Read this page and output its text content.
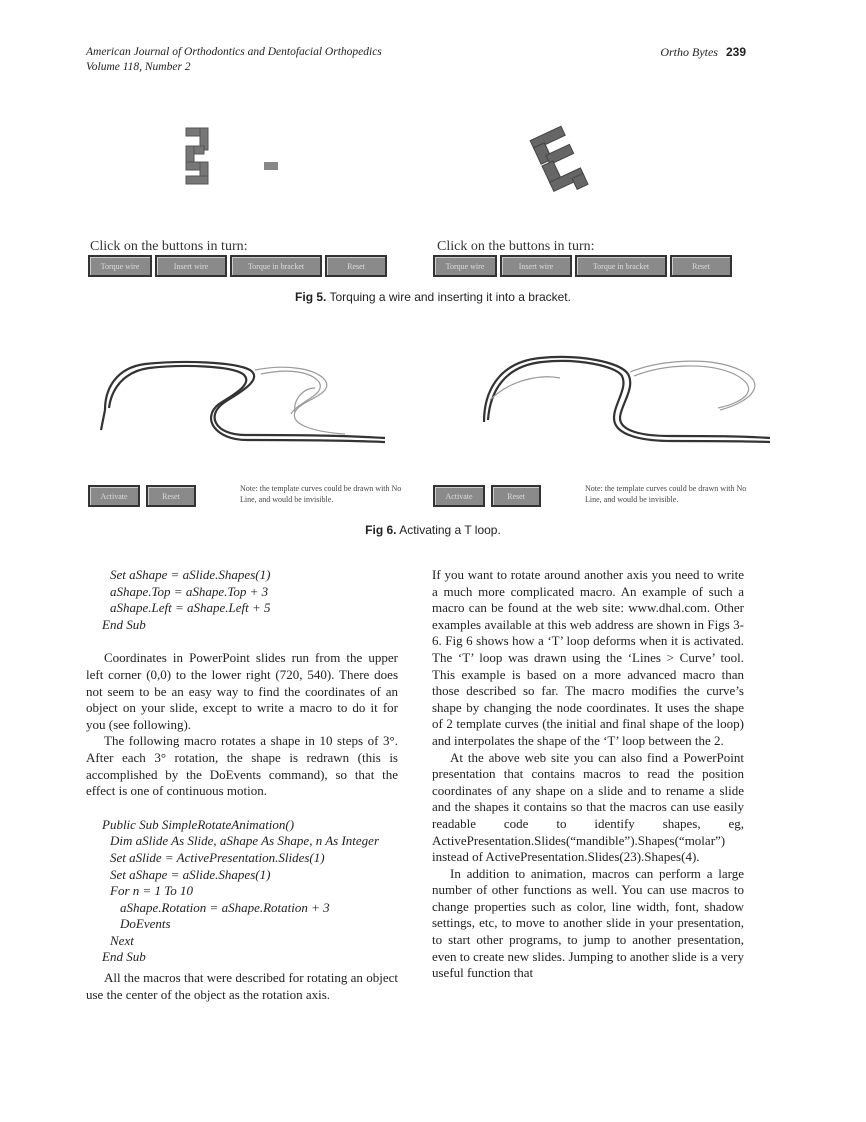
American Journal of Orthodontics and Dentofacial Orthopedics
Volume 118, Number 2
Ortho Bytes 239
Click on the buttons in turn:
Torque wire	Insert wire	Torque in bracket	Reset
Click on the buttons in turn:
Torque wire	Insert wire	Torque in bracket	Reset
Fig 5. Torquing a wire and inserting it into a bracket.
Activate	Reset
Note: the template curves could be drawn with No Line, and would be invisible.	Activate	Reset
Note: the template curves could be drawn with No Line, and would be invisible.
Fig 6. Activating a T loop.
Set aShape = aSlide.Shapes(1)
aShape.Top = aShape.Top + 3
aShape.Left = aShape.Left + 5
End Sub

Coordinates in PowerPoint slides run from the upper left corner (0,0) to the lower right (720, 540). There does not seem to be an easy way to find the coordinates of an object on your slide, except to write a macro to do it for you (see following).

The following macro rotates a shape in 10 steps of 3°. After each 3° rotation, the shape is redrawn (this is accomplished by the DoEvents command), so that the effect is one of continuous motion.

Public Sub SimpleRotateAnimation()
Dim aSlide As Slide, aShape As Shape, n As Integer
Set aSlide = ActivePresentation.Slides(1)
Set aShape = aSlide.Shapes(1)
For n = 1 To 10
aShape.Rotation = aShape.Rotation + 3
DoEvents
Next
End Sub

All the macros that were described for rotating an object use the center of the object as the rotation axis.

If you want to rotate around another axis you need to write a much more complicated macro. An example of such a macro can be found at the web site: www.dhal.com. Other examples available at this web address are shown in Figs 3-6. Fig 6 shows how a ‘T’ loop deforms when it is activated. The ‘T’ loop was drawn using the ‘Lines > Curve’ tool. This example is based on a more advanced macro than those described so far. The macro modifies the curve’s shape by changing the node coordinates. It uses the shape of 2 template curves (the initial and final shape of the loop) and interpolates the shape of the ‘T’ loop between the 2.

At the above web site you can also find a PowerPoint presentation that contains macros to read the position coordinates of any shape on a slide and to rename a slide and the shapes it contains so that the macros can use easily readable code to identify shapes, eg, ActivePresentation.Slides(“mandible”).Shapes(“molar”) instead of ActivePresentation.Slides(23).Shapes(4).

In addition to animation, macros can perform a large number of other functions as well. You can use macros to change properties such as color, line width, font, shadow settings, etc, to move to another slide in your presentation, to start other programs, to jump to another presentation, even to create new slides. Jumping to another slide is a very useful function that
